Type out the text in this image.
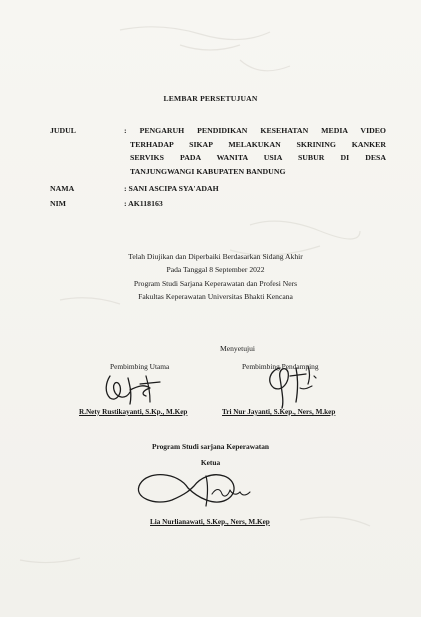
LEMBAR PERSETUJUAN
JUDUL	: PENGARUH PENDIDIKAN KESEHATAN MEDIA VIDEO
TERHADAP SIKAP MELAKUKAN SKRINING KANKER
SERVIKS PADA WANITA USIA SUBUR DI DESA
TANJUNGWANGI KABUPATEN BANDUNG
NAMA	: SANI ASCIPA SYA'ADAH
NIM	: AK118163
Telah Diujikan dan Diperbaiki Berdasarkan Sidang Akhir
Pada Tanggal 8 September 2022
Program Studi Sarjana Keperawatan dan Profesi Ners
Fakultas Keperawatan Universitas Bhakti Kencana
Menyetujui
Pembimbing Utama	Pembimbing Pendamping
R.Nety Rustikayanti, S.Kp., M.Kep	Tri Nur Jayanti, S.Kep., Ners, M.kep
Program Studi sarjana Keperawatan
Ketua
Lia Nurlianawati, S.Kep., Ners, M.Kep
